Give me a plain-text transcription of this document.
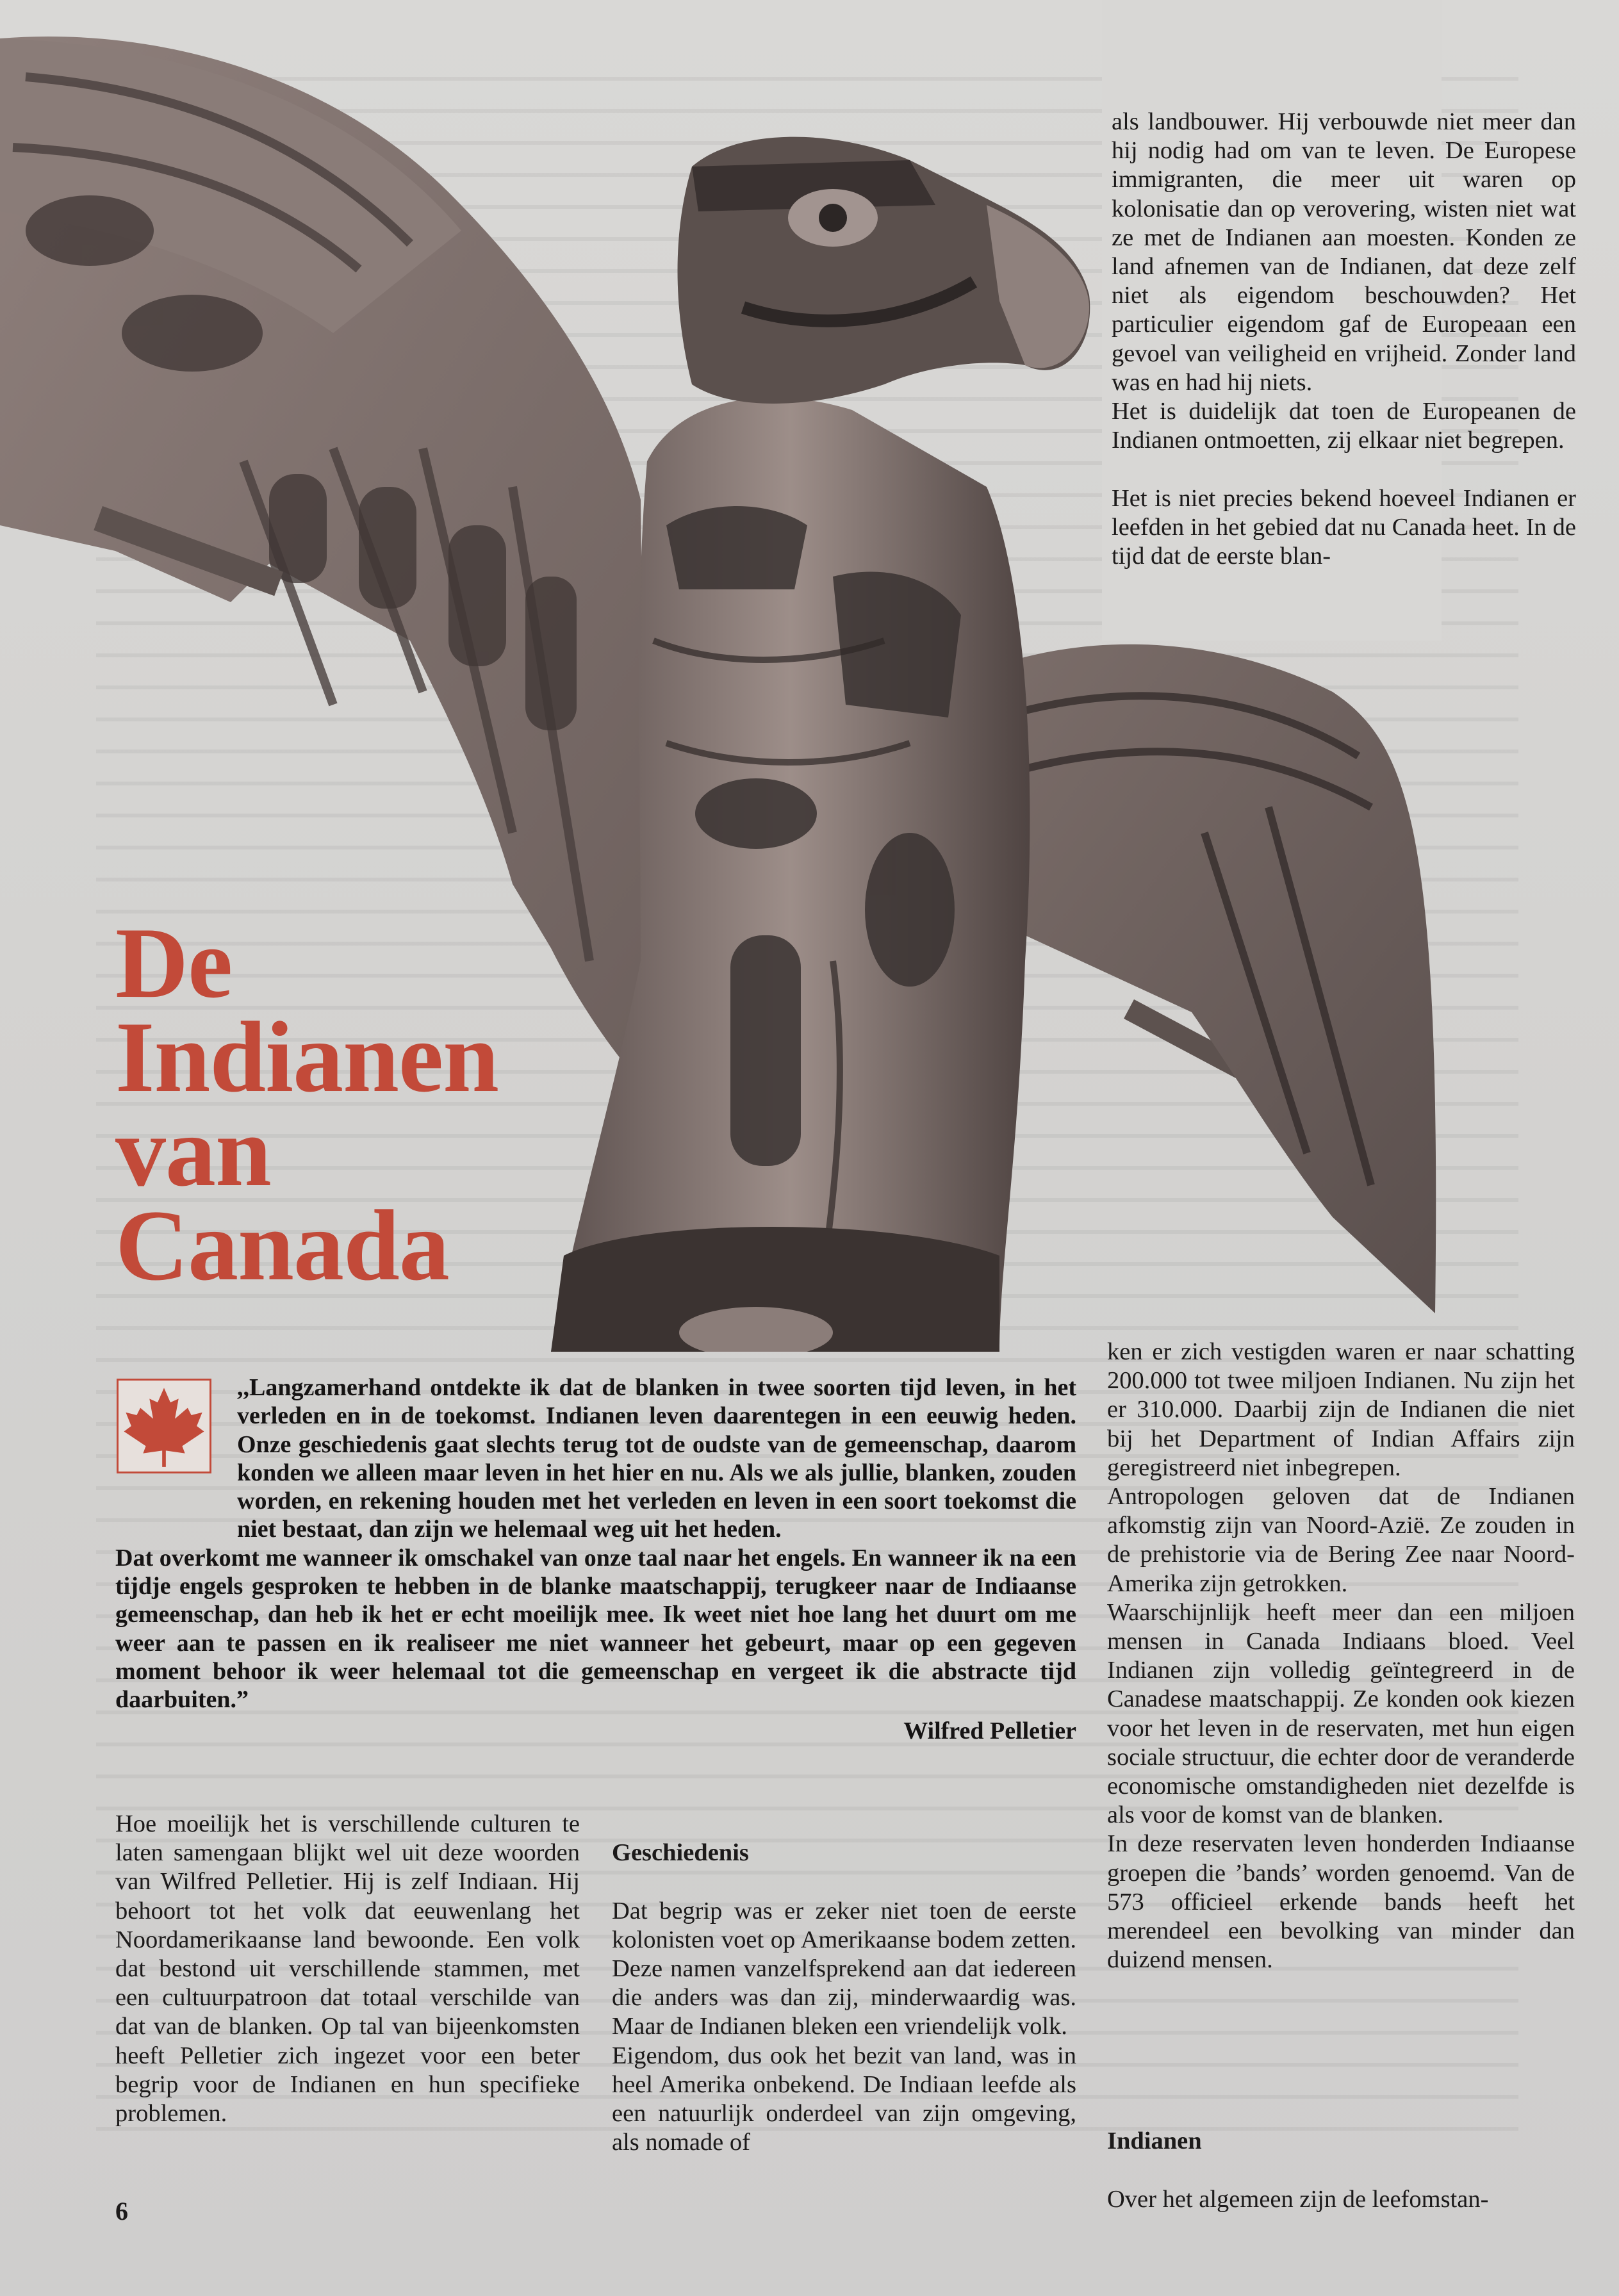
De
Indianen
van
Canada
als landbouwer. Hij verbouwde niet meer dan hij nodig had om van te leven. De Europese immigranten, die meer uit waren op kolonisatie dan op verovering, wisten niet wat ze met de Indianen aan moesten. Konden ze land afnemen van de Indianen, dat deze zelf niet als eigendom beschouwden? Het particulier eigendom gaf de Europeaan een gevoel van veiligheid en vrijheid. Zonder land was en had hij niets.
Het is duidelijk dat toen de Europeanen de Indianen ontmoetten, zij elkaar niet begrepen.

Het is niet precies bekend hoeveel Indianen er leefden in het gebied dat nu Canada heet. In de tijd dat de eerste blan-
,,Langzamerhand ontdekte ik dat de blanken in twee soorten tijd leven, in het verleden en in de toekomst. Indianen leven daarentegen in een eeuwig heden. Onze geschiedenis gaat slechts terug tot de oudste van de gemeenschap, daarom konden we alleen maar leven in het hier en nu. Als we als jullie, blanken, zouden worden, en rekening houden met het verleden en leven in een soort toekomst die niet bestaat, dan zijn we helemaal weg uit het heden.
Dat overkomt me wanneer ik omschakel van onze taal naar het engels. En wanneer ik na een tijdje engels gesproken te hebben in de blanke maatschappij, terugkeer naar de Indiaanse gemeenschap, dan heb ik het er echt moeilijk mee. Ik weet niet hoe lang het duurt om me weer aan te passen en ik realiseer me niet wanneer het gebeurt, maar op een gegeven moment behoor ik weer helemaal tot die gemeenschap en vergeet ik die abstracte tijd daarbuiten.”
Wilfred Pelletier
ken er zich vestigden waren er naar schatting 200.000 tot twee miljoen Indianen. Nu zijn het er 310.000. Daarbij zijn de Indianen die niet bij het Department of Indian Affairs zijn geregistreerd niet inbegrepen.
Antropologen geloven dat de Indianen afkomstig zijn van Noord-Azië. Ze zouden in de prehistorie via de Bering Zee naar Noord-Amerika zijn getrokken.
Waarschijnlijk heeft meer dan een miljoen mensen in Canada Indiaans bloed. Veel Indianen zijn volledig geïntegreerd in de Canadese maatschappij. Ze konden ook kiezen voor het leven in de reservaten, met hun eigen sociale structuur, die echter door de veranderde economische omstandigheden niet dezelfde is als voor de komst van de blanken.
In deze reservaten leven honderden Indiaanse groepen die ’bands’ worden genoemd. Van de 573 officieel erkende bands heeft het merendeel een bevolking van minder dan duizend mensen.
Hoe moeilijk het is verschillende culturen te laten samengaan blijkt wel uit deze woorden van Wilfred Pelletier. Hij is zelf Indiaan. Hij behoort tot het volk dat eeuwenlang het Noordamerikaanse land bewoonde. Een volk dat bestond uit verschillende stammen, met een cultuurpatroon dat totaal verschilde van dat van de blanken. Op tal van bijeenkomsten heeft Pelletier zich ingezet voor een beter begrip voor de Indianen en hun specifieke problemen.

Geschiedenis

Dat begrip was er zeker niet toen de eerste kolonisten voet op Amerikaanse bodem zetten. Deze namen vanzelfsprekend aan dat iedereen die anders was dan zij, minderwaardig was. Maar de Indianen bleken een vriendelijk volk.
Eigendom, dus ook het bezit van land, was in heel Amerika onbekend. De Indiaan leefde als een natuurlijk onderdeel van zijn omgeving, als nomade of	Indianen

Over het algemeen zijn de leefomstan-

6
